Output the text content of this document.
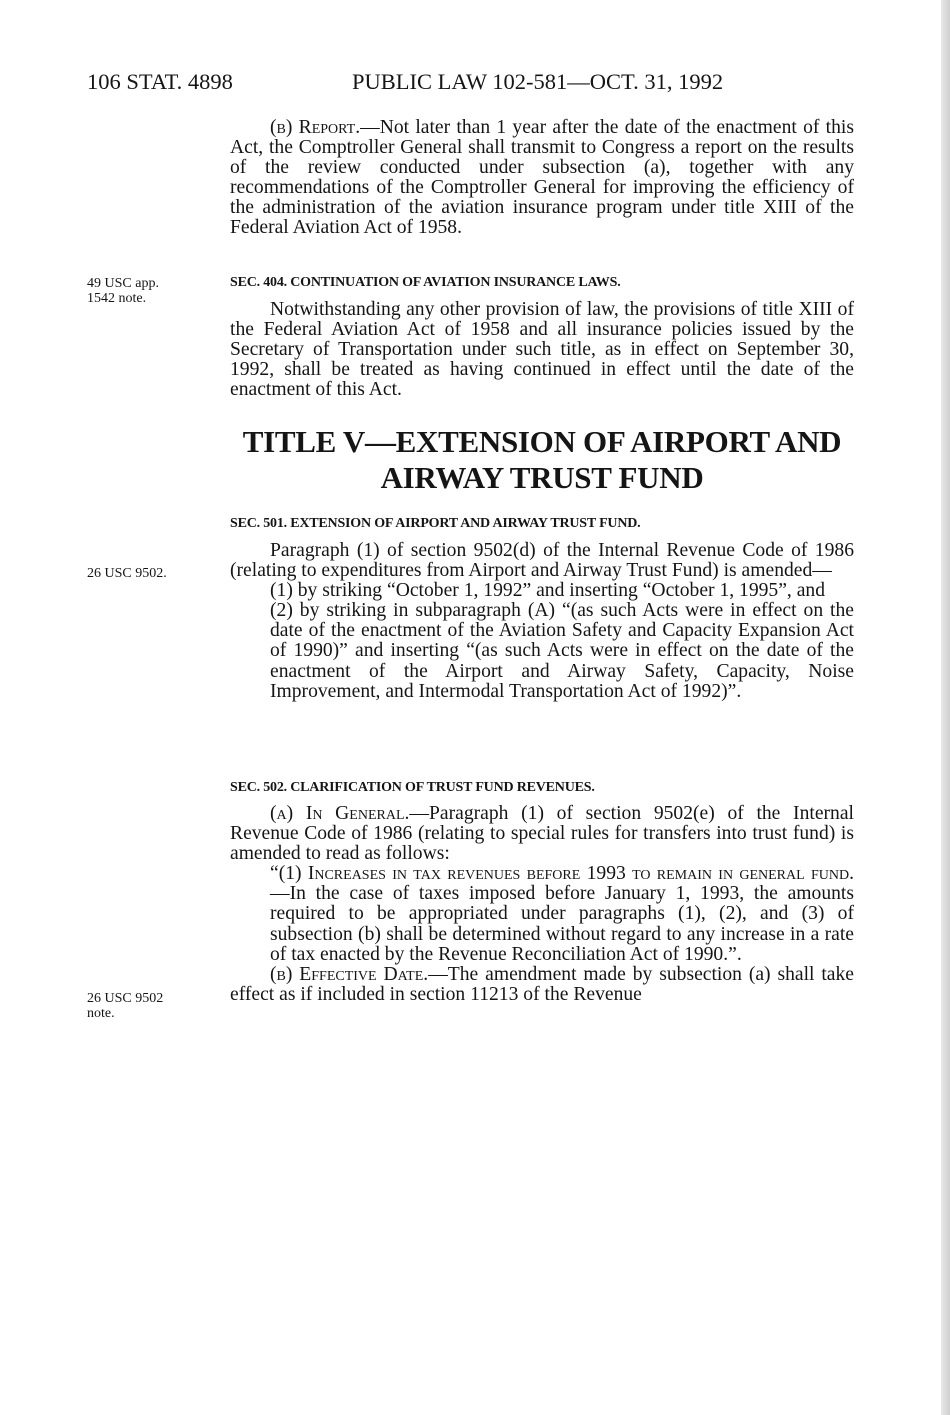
106 STAT. 4898	PUBLIC LAW 102-581—OCT. 31, 1992

(b) Report.—Not later than 1 year after the date of the enactment of this Act, the Comptroller General shall transmit to Congress a report on the results of the review conducted under subsection (a), together with any recommendations of the Comptroller General for improving the efficiency of the administration of the aviation insurance program under title XIII of the Federal Aviation Act of 1958.

49 USC app.
1542 note.
SEC. 404. CONTINUATION OF AVIATION INSURANCE LAWS.

Notwithstanding any other provision of law, the provisions of title XIII of the Federal Aviation Act of 1958 and all insurance policies issued by the Secretary of Transportation under such title, as in effect on September 30, 1992, shall be treated as having continued in effect until the date of the enactment of this Act.

TITLE V—EXTENSION OF AIRPORT AND
AIRWAY TRUST FUND
SEC. 501. EXTENSION OF AIRPORT AND AIRWAY TRUST FUND.
26 USC 9502.

Paragraph (1) of section 9502(d) of the Internal Revenue Code of 1986 (relating to expenditures from Airport and Airway Trust Fund) is amended—

(1) by striking “October 1, 1992” and inserting “October 1, 1995”, and

(2) by striking in subparagraph (A) “(as such Acts were in effect on the date of the enactment of the Aviation Safety and Capacity Expansion Act of 1990)” and inserting “(as such Acts were in effect on the date of the enactment of the Airport and Airway Safety, Capacity, Noise Improvement, and Intermodal Transportation Act of 1992)”.

SEC. 502. CLARIFICATION OF TRUST FUND REVENUES.

(a) In General.—Paragraph (1) of section 9502(e) of the Internal Revenue Code of 1986 (relating to special rules for transfers into trust fund) is amended to read as follows:

“(1) Increases in tax revenues before 1993 to remain in general fund.—In the case of taxes imposed before January 1, 1993, the amounts required to be appropriated under paragraphs (1), (2), and (3) of subsection (b) shall be determined without regard to any increase in a rate of tax enacted by the Revenue Reconciliation Act of 1990.”.

(b) Effective Date.—The amendment made by subsection (a) shall take effect as if included in section 11213 of the Revenue

26 USC 9502
note.
